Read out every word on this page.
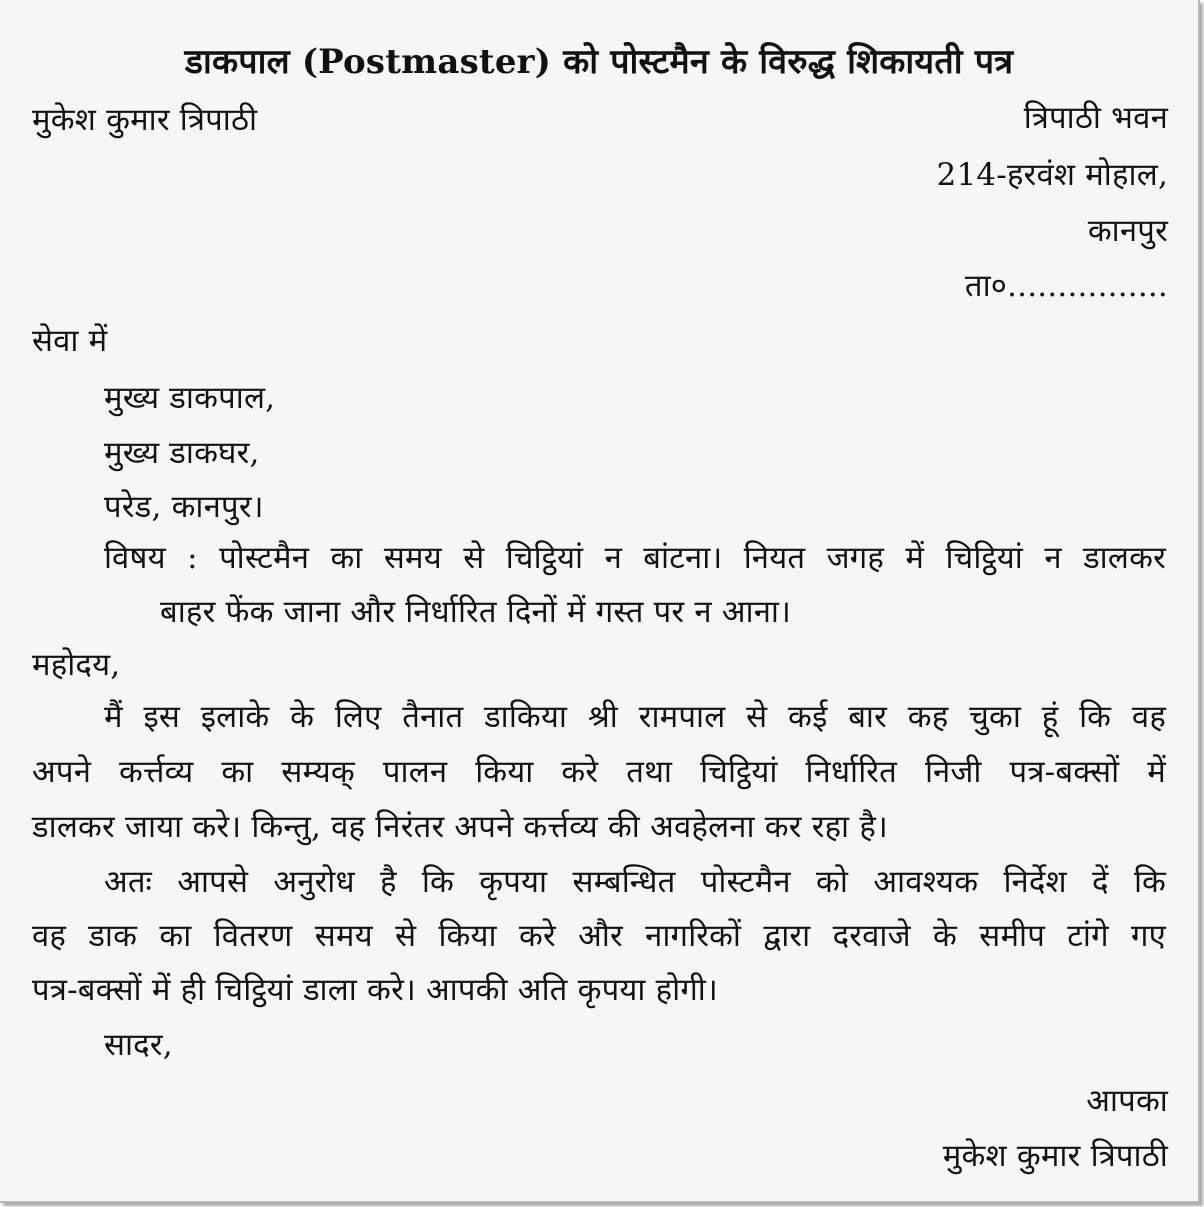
डाकपाल (Postmaster) को पोस्टमैन के विरुद्ध शिकायती पत्र
मुकेश कुमार त्रिपाठी	त्रिपाठी भवन
214-हरवंश मोहाल,
कानपुर
ता०................
सेवा में
मुख्य डाकपाल,
मुख्य डाकघर,
परेड, कानपुर।
विषय : पोस्टमैन का समय से चिट्ठियां न बांटना। नियत जगह में चिट्ठियां न डालकर
बाहर फेंक जाना और निर्धारित दिनों में गस्त पर न आना।
महोदय,
मैं इस इलाके के लिए तैनात डाकिया श्री रामपाल से कई बार कह चुका हूं कि वह
अपने कर्त्तव्य का सम्यक् पालन किया करे तथा चिट्ठियां निर्धारित निजी पत्र-बक्सों में
डालकर जाया करे। किन्तु, वह निरंतर अपने कर्त्तव्य की अवहेलना कर रहा है।
अतः आपसे अनुरोध है कि कृपया सम्बन्धित पोस्टमैन को आवश्यक निर्देश दें कि
वह डाक का वितरण समय से किया करे और नागरिकों द्वारा दरवाजे के समीप टांगे गए
पत्र-बक्सों में ही चिट्ठियां डाला करे। आपकी अति कृपया होगी।
सादर,
आपका
मुकेश कुमार त्रिपाठी
